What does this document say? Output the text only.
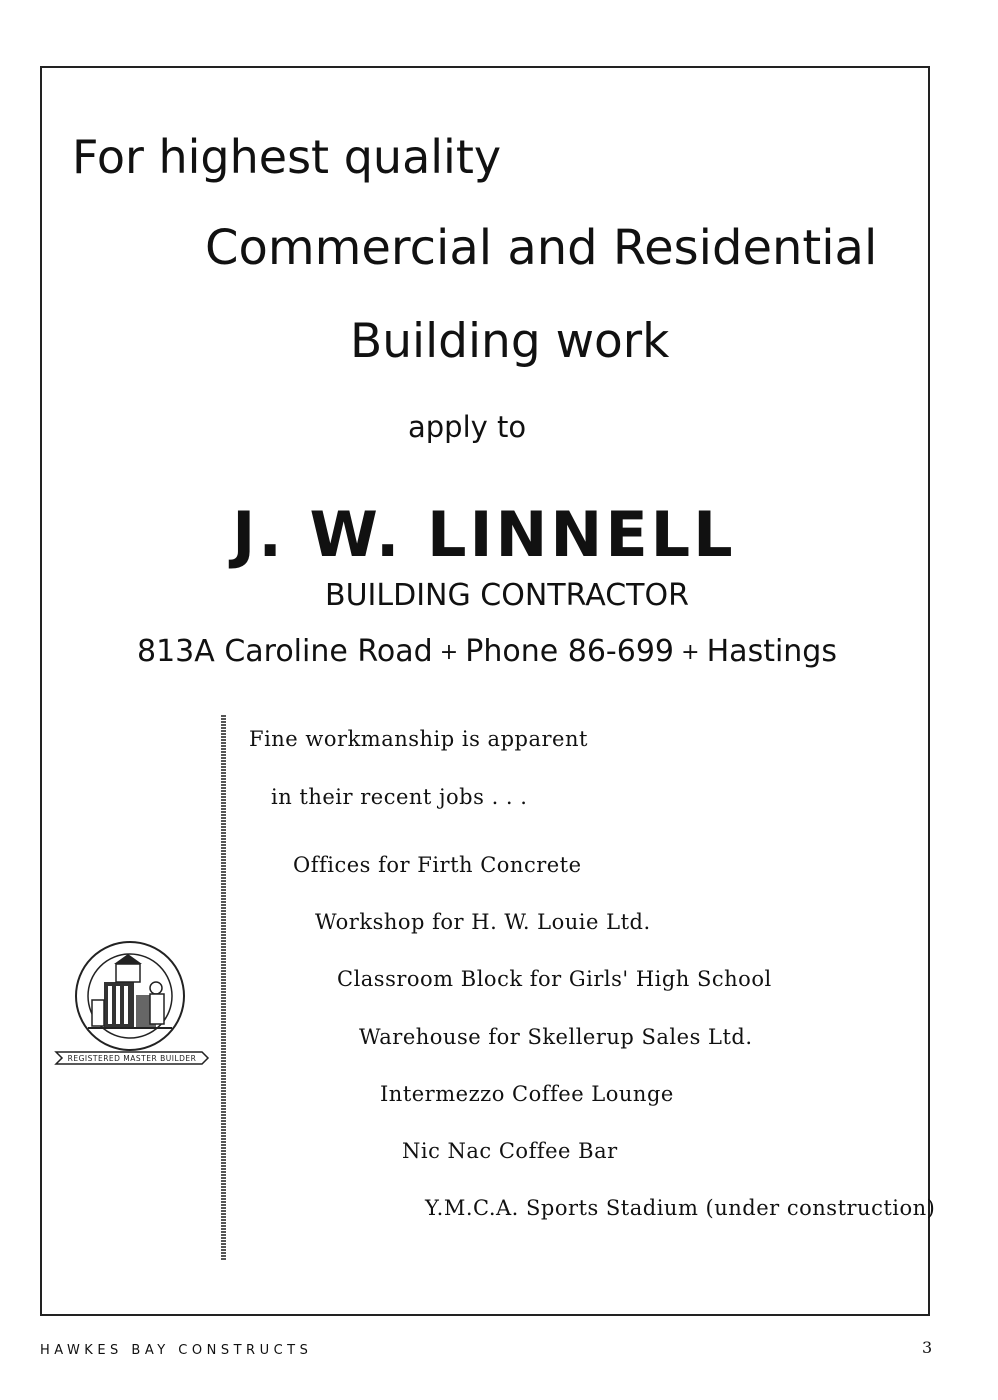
For highest quality
Commercial and Residential
Building work
apply to
J. W. LINNELL
BUILDING CONTRACTOR
813A Caroline Road + Phone 86-699 + Hastings
Fine workmanship is apparent
in their recent jobs . . .
Offices for Firth Concrete
Workshop for H. W. Louie Ltd.
Classroom Block for Girls' High School
Warehouse for Skellerup Sales Ltd.
Intermezzo Coffee Lounge
Nic Nac Coffee Bar
Y.M.C.A. Sports Stadium (under construction)
REGISTERED MASTER BUILDER
HAWKES BAY CONSTRUCTS	3
